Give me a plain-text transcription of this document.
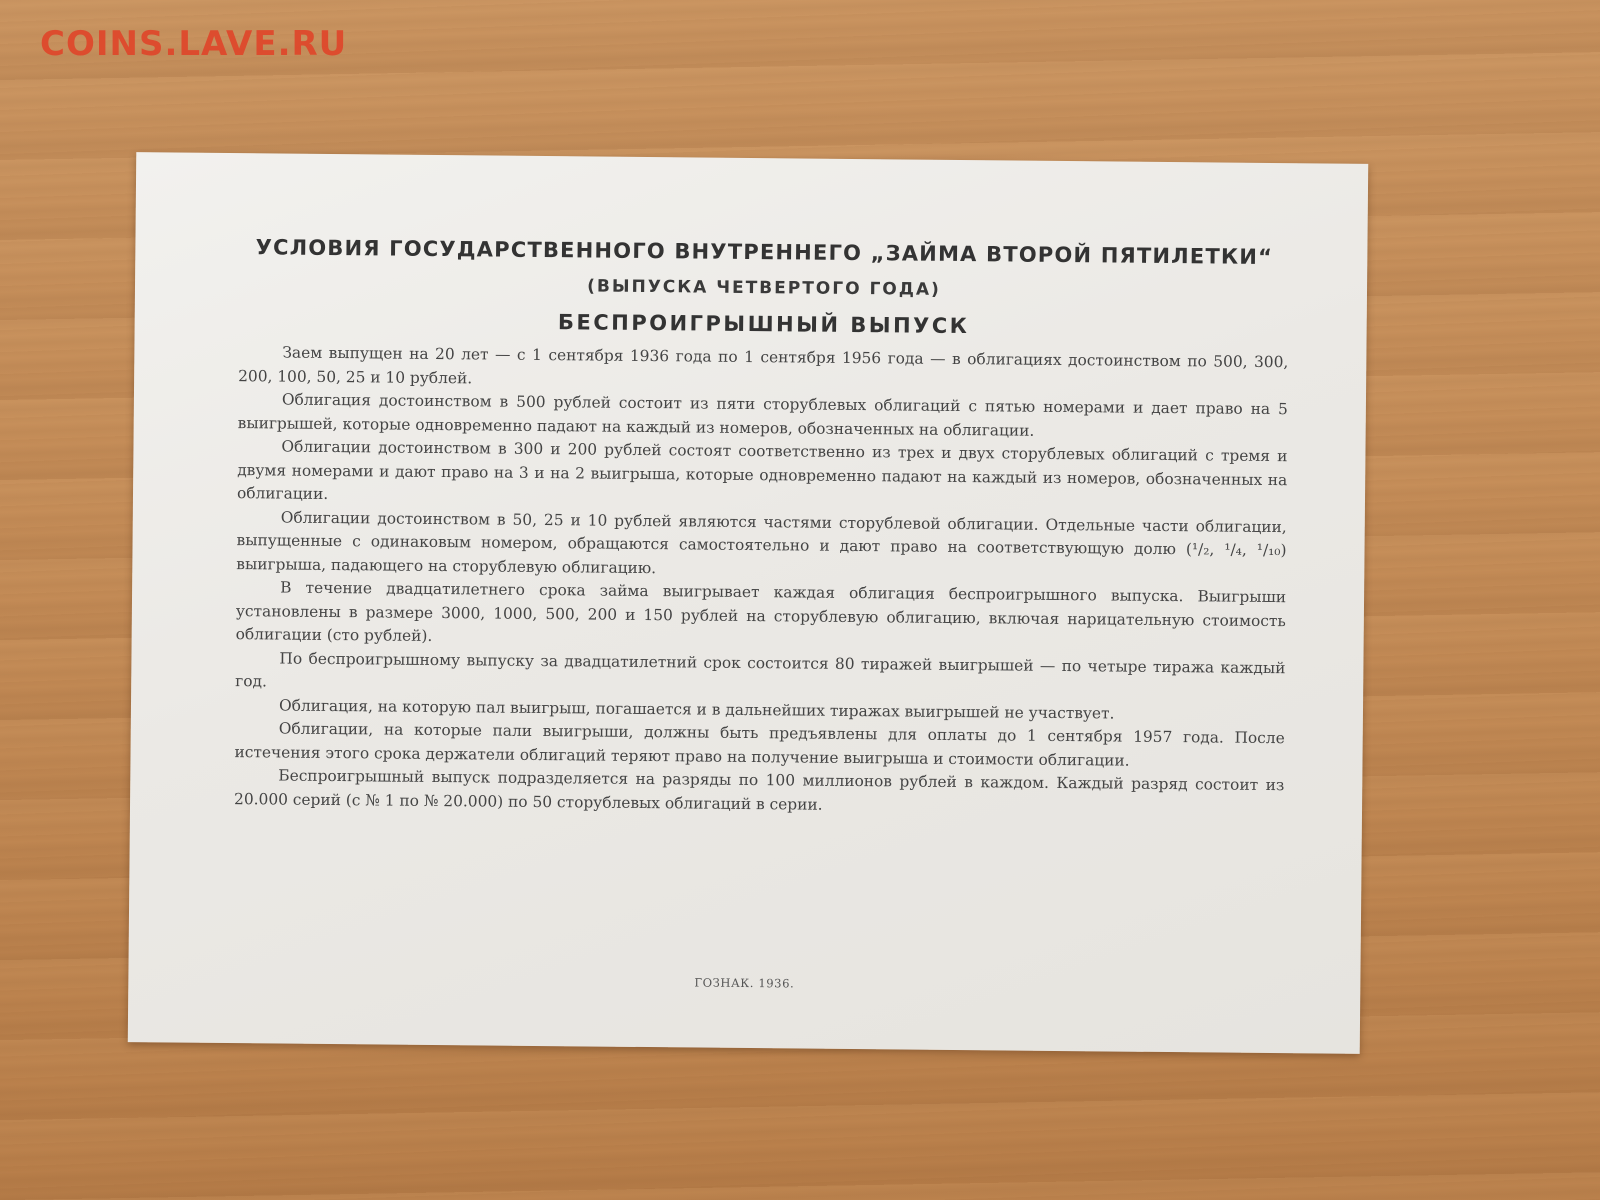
COINS.LAVE.RU
УСЛОВИЯ ГОСУДАРСТВЕННОГО ВНУТРЕННЕГО „ЗАЙМА ВТОРОЙ ПЯТИЛЕТКИ“
(ВЫПУСКА ЧЕТВЕРТОГО ГОДА)
БЕСПРОИГРЫШНЫЙ ВЫПУСК

Заем выпущен на 20 лет — с 1 сентября 1936 года по 1 сентября 1956 года — в облигациях достоинством по 500, 300, 200, 100, 50, 25 и 10 рублей.

Облигация достоинством в 500 рублей состоит из пяти сторублевых облигаций с пятью номерами и дает право на 5 выигрышей, которые одновременно падают на каждый из номеров, обозначенных на облигации.

Облигации достоинством в 300 и 200 рублей состоят соответственно из трех и двух сторублевых облигаций с тремя и двумя номерами и дают право на 3 и на 2 выигрыша, которые одновременно падают на каждый из номеров, обозначенных на облигации.

Облигации достоинством в 50, 25 и 10 рублей являются частями сторублевой облигации. Отдельные части облигации, выпущенные с одинаковым номером, обращаются самостоятельно и дают право на соответствующую долю (¹/₂, ¹/₄, ¹/₁₀) выигрыша, падающего на сторублевую облигацию.

В течение двадцатилетнего срока займа выигрывает каждая облигация беспроигрышного выпуска. Выигрыши установлены в размере 3000, 1000, 500, 200 и 150 рублей на сторублевую облигацию, включая нарицательную стоимость облигации (сто рублей).

По беспроигрышному выпуску за двадцатилетний срок состоится 80 тиражей выигрышей — по четыре тиража каждый год.

Облигация, на которую пал выигрыш, погашается и в дальнейших тиражах выигрышей не участвует.

Облигации, на которые пали выигрыши, должны быть предъявлены для оплаты до 1 сентября 1957 года. После истечения этого срока держатели облигаций теряют право на получение выигрыша и стоимости облигации.

Беспроигрышный выпуск подразделяется на разряды по 100 миллионов рублей в каждом. Каждый разряд состоит из 20.000 серий (с № 1 по № 20.000) по 50 сторублевых облигаций в серии.

ГОЗНАК. 1936.
